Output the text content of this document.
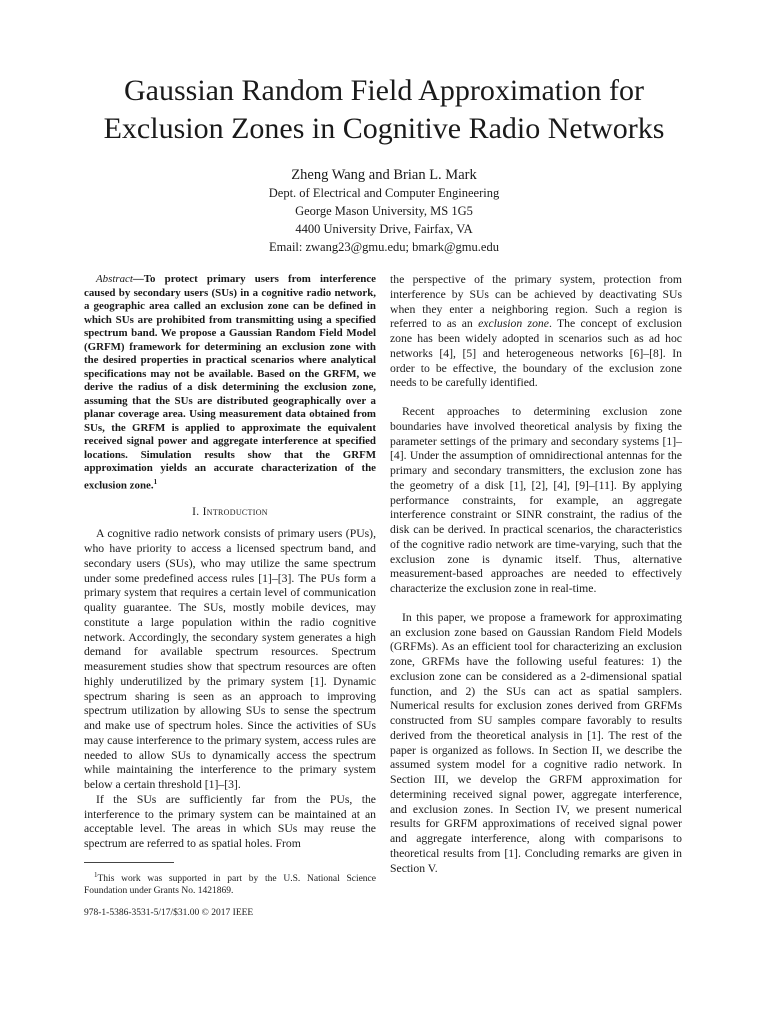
Gaussian Random Field Approximation for
Exclusion Zones in Cognitive Radio Networks
Zheng Wang and Brian L. Mark
Dept. of Electrical and Computer Engineering
George Mason University, MS 1G5
4400 University Drive, Fairfax, VA
Email: zwang23@gmu.edu; bmark@gmu.edu

Abstract—To protect primary users from interference caused by secondary users (SUs) in a cognitive radio network, a geographic area called an exclusion zone can be defined in which SUs are prohibited from transmitting using a specified spectrum band. We propose a Gaussian Random Field Model (GRFM) framework for determining an exclusion zone with the desired properties in practical scenarios where analytical specifications may not be available. Based on the GRFM, we derive the radius of a disk determining the exclusion zone, assuming that the SUs are distributed geographically over a planar coverage area. Using measurement data obtained from SUs, the GRFM is applied to approximate the equivalent received signal power and aggregate interference at specified locations. Simulation results show that the GRFM approximation yields an accurate characterization of the exclusion zone.$^1$

I. Introduction

A cognitive radio network consists of primary users (PUs), who have priority to access a licensed spectrum band, and secondary users (SUs), who may utilize the same spectrum under some predefined access rules [1]–[3]. The PUs form a primary system that requires a certain level of communication quality guarantee. The SUs, mostly mobile devices, may constitute a large population within the radio cognitive network. Accordingly, the secondary system generates a high demand for available spectrum resources. Spectrum measurement studies show that spectrum resources are often highly underutilized by the primary system [1]. Dynamic spectrum sharing is seen as an approach to improving spectrum utilization by allowing SUs to sense the spectrum and make use of spectrum holes. Since the activities of SUs may cause interference to the primary system, access rules are needed to allow SUs to dynamically access the spectrum while maintaining the interference to the primary system below a certain threshold [1]–[3].

If the SUs are sufficiently far from the PUs, the interference to the primary system can be maintained at an acceptable level. The areas in which SUs may reuse the spectrum are referred to as spatial holes. From

$^1$This work was supported in part by the U.S. National Science Foundation under Grants No. 1421869.

978-1-5386-3531-5/17/$31.00 © 2017 IEEE

the perspective of the primary system, protection from interference by SUs can be achieved by deactivating SUs when they enter a neighboring region. Such a region is referred to as an exclusion zone. The concept of exclusion zone has been widely adopted in scenarios such as ad hoc networks [4], [5] and heterogeneous networks [6]–[8]. In order to be effective, the boundary of the exclusion zone needs to be carefully identified.

Recent approaches to determining exclusion zone boundaries have involved theoretical analysis by fixing the parameter settings of the primary and secondary systems [1]–[4]. Under the assumption of omnidirectional antennas for the primary and secondary transmitters, the exclusion zone has the geometry of a disk [1], [2], [4], [9]–[11]. By applying performance constraints, for example, an aggregate interference constraint or SINR constraint, the radius of the disk can be derived. In practical scenarios, the characteristics of the cognitive radio network are time-varying, such that the exclusion zone is dynamic itself. Thus, alternative measurement-based approaches are needed to effectively characterize the exclusion zone in real-time.

In this paper, we propose a framework for approximating an exclusion zone based on Gaussian Random Field Models (GRFMs). As an efficient tool for characterizing an exclusion zone, GRFMs have the following useful features: 1) the exclusion zone can be considered as a 2-dimensional spatial function, and 2) the SUs can act as spatial samplers. Numerical results for exclusion zones derived from GRFMs constructed from SU samples compare favorably to results derived from the theoretical analysis in [1]. The rest of the paper is organized as follows. In Section II, we describe the assumed system model for a cognitive radio network. In Section III, we develop the GRFM approximation for determining received signal power, aggregate interference, and exclusion zones. In Section IV, we present numerical results for GRFM approximations of received signal power and aggregate interference, along with comparisons to theoretical results from [1]. Concluding remarks are given in Section V.
